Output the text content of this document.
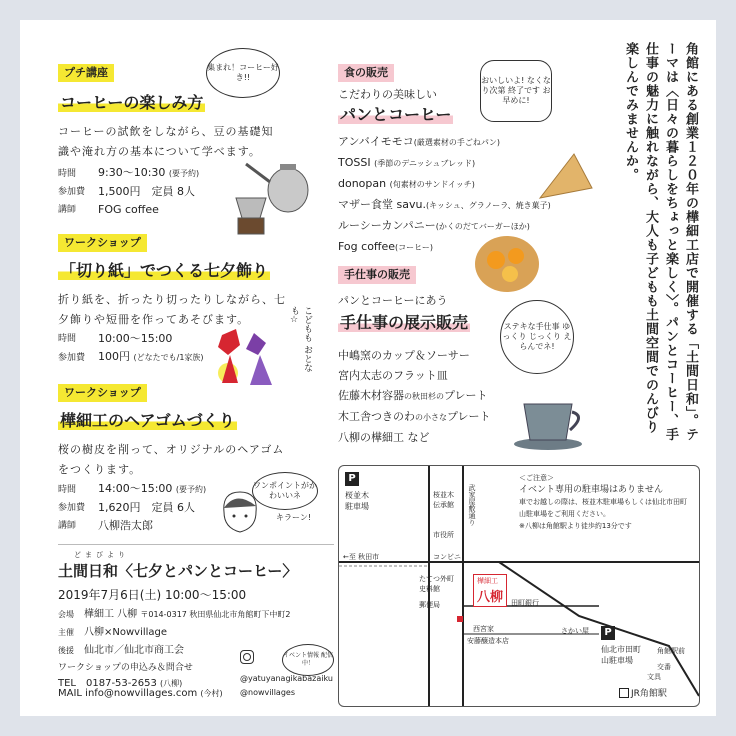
角館にある創業１２０年の樺細工店で開催する「土間日和」。テーマは〈日々の暮らしをちょっと楽しく〉。パンとコーヒー、手仕事の魅力に触れながら、大人も子どもも土間空間でのんびり楽しんでみませんか。
プチ講座
コーヒーの楽しみ方
集まれ！コーヒー好き!!
コーヒーの試飲をしながら、豆の基礎知識や淹れ方の基本について学べます。
時間	9:30〜10:30 (要予約)
参加費	1,500円　定員 8人
講師	FOG coffee
ワークショップ
「切り紙」でつくる七夕飾り
折り紙を、折ったり切ったりしながら、七夕飾りや短冊を作ってあそびます。
時間	10:00〜15:00
参加費	100円 (どなたでも/1家族)	こどもも おとなも☆
ワークショップ
樺細工のヘアゴムづくり
桜の樹皮を削って、オリジナルのヘアゴムをつくります。
ワンポイントがかわいいネ
キラーン!
時間	14:00〜15:00 (要予約)
参加費	1,620円　定員 6人
講師	八柳浩太郎
どまびより
土間日和〈七夕とパンとコーヒー〉
2019年7月6日(土) 10:00〜15:00
会場	樺細工 八柳 〒014-0317 秋田県仙北市角館町下中町2
主催	八柳×Nowvillage
後援	仙北市／仙北市商工会
ワークショップの申込み＆問合せ
TEL　0187-53-2653 (八柳)
MAIL info@nowvillages.com (今村)
イベント情報 配信中！
@yatuyanagikabazaiku
@nowvillages
食の販売
こだわりの美味しい
パンとコーヒー
おいしいよ! なくなり次第 終了です お早めに!
アンバイモモコ(厳選素材の手ごねパン)
TOSSI (季節のデニッシュブレッド)
donopan (旬素材のサンドイッチ)
マザー食堂 savu.(キッシュ、グラノーラ、焼き菓子)
ルーシーカンパニー(かくのだてバーガーほか)
Fog coffee(コーヒー)
手仕事の販売
パンとコーヒーにあう
手仕事の展示販売	ステキな手仕事 ゆっくり じっくり えらんでネ!
中嶋窯のカップ＆ソーサー
宮内太志のフラット皿
佐藤木材容器の秋田杉のプレート
木工舎つきのわの小さなプレート
八柳の樺細工 など
P
桜並木駐車場
P
仙北市田町山駐車場
＜ご注意＞
イベント専用の駐車場はありません
車でお越しの際は、桜並木駐車場もしくは仙北市田町山駐車場をご利用ください。
※八柳は角館駅より徒歩約13分です
樺細工
八柳
←至 秋田市
武家屋敷通り
桜並木
伝承館
市役所
コンビニ
たてつ外町
史料館
郵便局	田町銀行
さかい屋
安藤醸造本店
西宮家
角館駅前
交番
文具
JR角館駅
